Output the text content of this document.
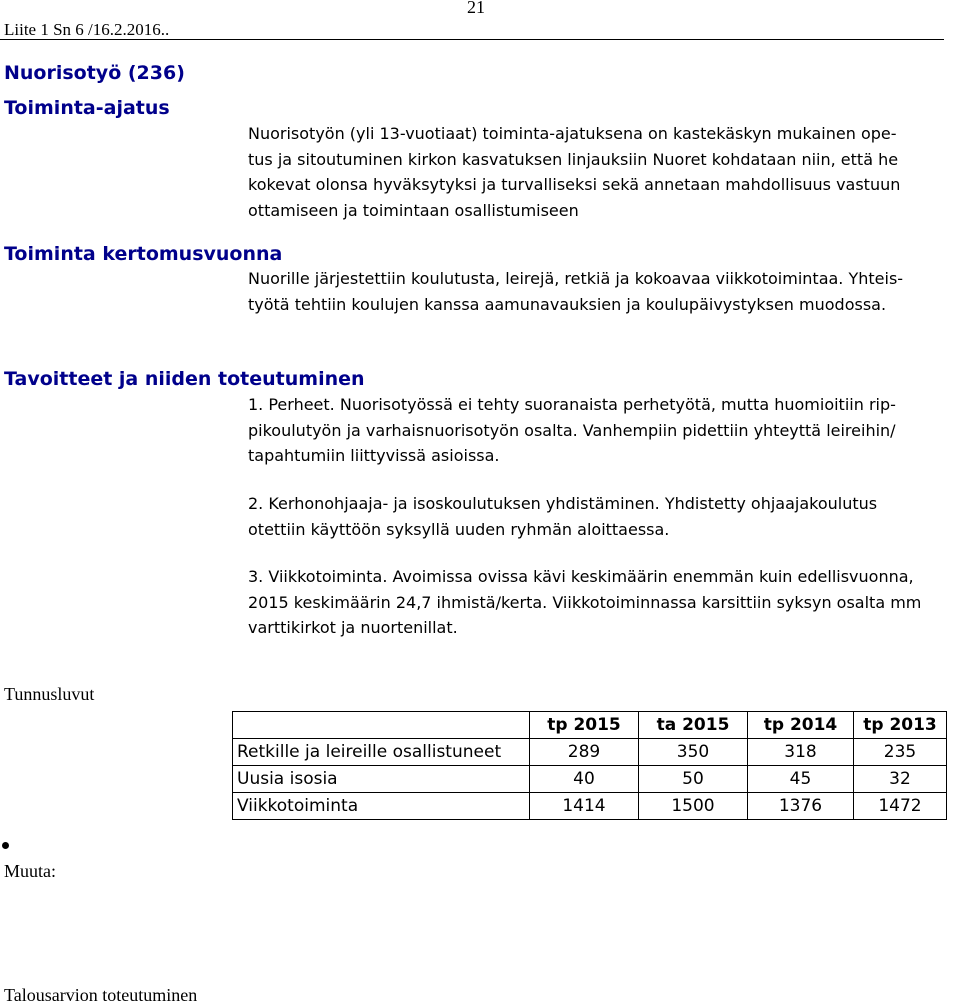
Liite 1 Sn 6 /16.2.2016..
21
Nuorisotyö (236)
Toiminta-ajatus
Nuorisotyön (yli 13-vuotiaat) toiminta-ajatuksena on kastekäskyn mukainen ope-
tus ja sitoutuminen kirkon kasvatuksen linjauksiin Nuoret kohdataan niin, että he
kokevat olonsa hyväksytyksi ja turvalliseksi sekä annetaan mahdollisuus vastuun
ottamiseen ja toimintaan osallistumiseen
Toiminta kertomusvuonna
Nuorille järjestettiin koulutusta, leirejä, retkiä ja kokoavaa viikkotoimintaa. Yhteis-
työtä tehtiin koulujen kanssa aamunavauksien ja koulupäivystyksen muodossa.
Tavoitteet ja niiden toteutuminen
1. Perheet. Nuorisotyössä ei tehty suoranaista perhetyötä, mutta huomioitiin rip-
pikoulutyön ja varhaisnuorisotyön osalta. Vanhempiin pidettiin yhteyttä leireihin/
tapahtumiin liittyvissä asioissa.
2. Kerhonohjaaja- ja isoskoulutuksen yhdistäminen. Yhdistetty ohjaajakoulutus
otettiin käyttöön syksyllä uuden ryhmän aloittaessa.
3. Viikkotoiminta. Avoimissa ovissa kävi keskimäärin enemmän kuin edellisvuonna,
2015 keskimäärin 24,7 ihmistä/kerta. Viikkotoiminnassa karsittiin syksyn osalta mm
varttikirkot ja nuortenillat.
Tunnusluvut
	tp 2015	ta 2015	tp 2014	tp 2013
Retkille ja leireille osallistuneet	289	350	318	235
Uusia isosia	40	50	45	32
Viikkotoiminta	1414	1500	1376	1472
Muuta:
Talousarvion toteutuminen
